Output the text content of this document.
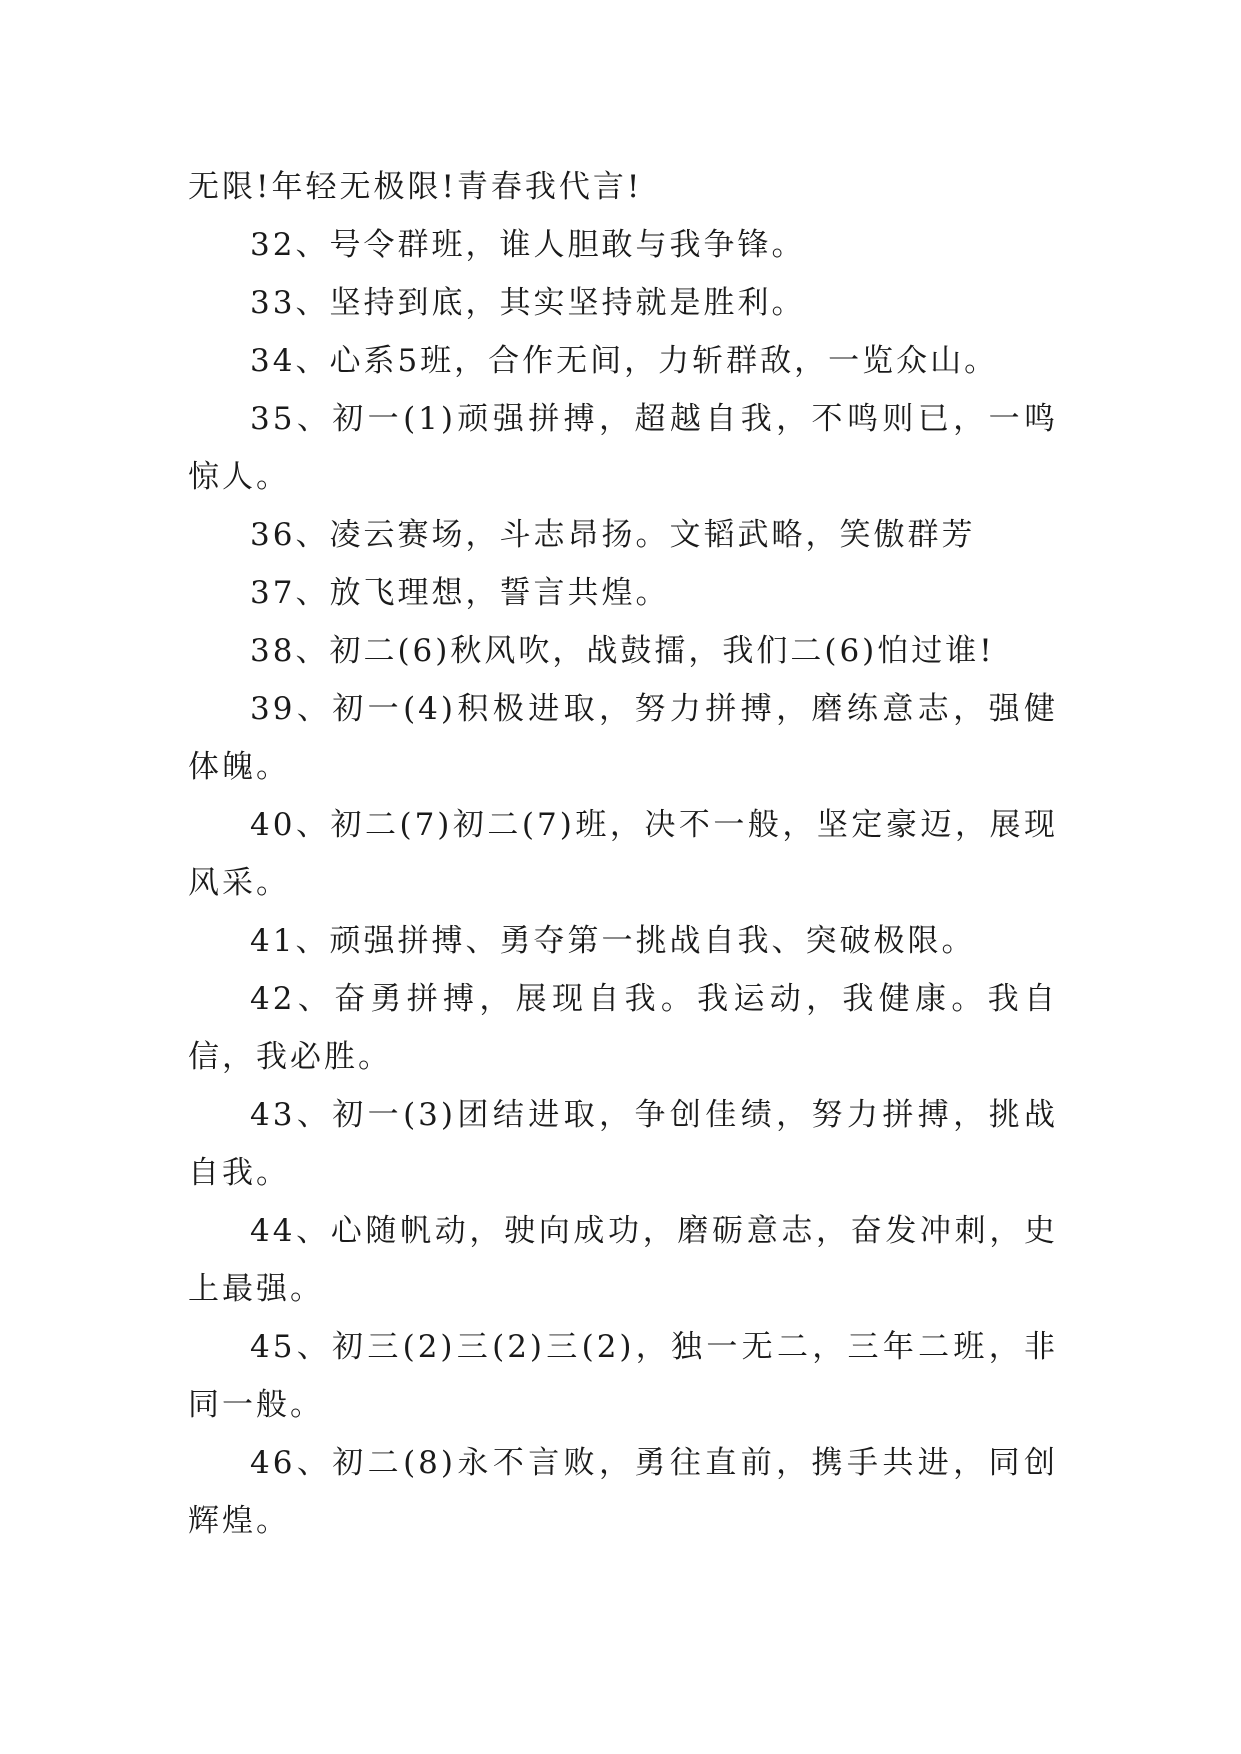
无限!年轻无极限!青春我代言!

32、号令群班，谁人胆敢与我争锋。

33、坚持到底，其实坚持就是胜利。

34、心系5班，合作无间，力斩群敌，一览众山。

35、初一(1)顽强拼搏，超越自我，不鸣则已，一鸣惊人。

36、凌云赛场，斗志昂扬。文韬武略，笑傲群芳

37、放飞理想，誓言共煌。

38、初二(6)秋风吹，战鼓擂，我们二(6)怕过谁!

39、初一(4)积极进取，努力拼搏，磨练意志，强健体魄。

40、初二(7)初二(7)班，决不一般，坚定豪迈，展现风采。

41、顽强拼搏、勇夺第一挑战自我、突破极限。

42、奋勇拼搏，展现自我。我运动，我健康。我自信，我必胜。

43、初一(3)团结进取，争创佳绩，努力拼搏，挑战自我。

44、心随帆动，驶向成功，磨砺意志，奋发冲刺，史上最强。

45、初三(2)三(2)三(2)，独一无二，三年二班，非同一般。

46、初二(8)永不言败，勇往直前，携手共进，同创辉煌。
